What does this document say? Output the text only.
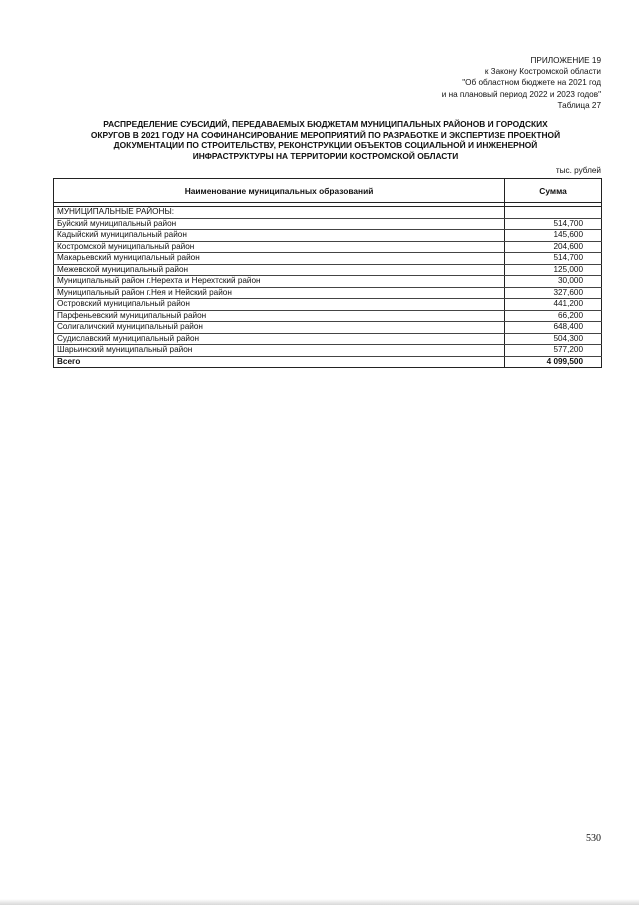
ПРИЛОЖЕНИЕ 19
к Закону Костромской области
"Об областном бюджете на 2021 год
и на плановый период 2022 и 2023 годов"
Таблица 27
РАСПРЕДЕЛЕНИЕ СУБСИДИЙ, ПЕРЕДАВАЕМЫХ БЮДЖЕТАМ МУНИЦИПАЛЬНЫХ РАЙОНОВ И ГОРОДСКИХ
ОКРУГОВ В 2021 ГОДУ НА СОФИНАНСИРОВАНИЕ МЕРОПРИЯТИЙ ПО РАЗРАБОТКЕ И ЭКСПЕРТИЗЕ ПРОЕКТНОЙ
ДОКУМЕНТАЦИИ ПО СТРОИТЕЛЬСТВУ, РЕКОНСТРУКЦИИ ОБЪЕКТОВ СОЦИАЛЬНОЙ И ИНЖЕНЕРНОЙ
ИНФРАСТРУКТУРЫ НА ТЕРРИТОРИИ КОСТРОМСКОЙ ОБЛАСТИ
тыс. рублей
Наименование муниципальных образований	Сумма

МУНИЦИПАЛЬНЫЕ РАЙОНЫ:	
Буйский муниципальный район	514,700
Кадыйский муниципальный район	145,600
Костромской муниципальный район	204,600
Макарьевский муниципальный район	514,700
Межевской муниципальный район	125,000
Муниципальный район г.Нерехта и Нерехтский район	30,000
Муниципальный район г.Нея и Нейский район	327,600
Островский муниципальный район	441,200
Парфеньевский муниципальный район	66,200
Солигаличский муниципальный район	648,400
Судиславский муниципальный район	504,300
Шарьинский муниципальный район	577,200
Всего	4 099,500
530
